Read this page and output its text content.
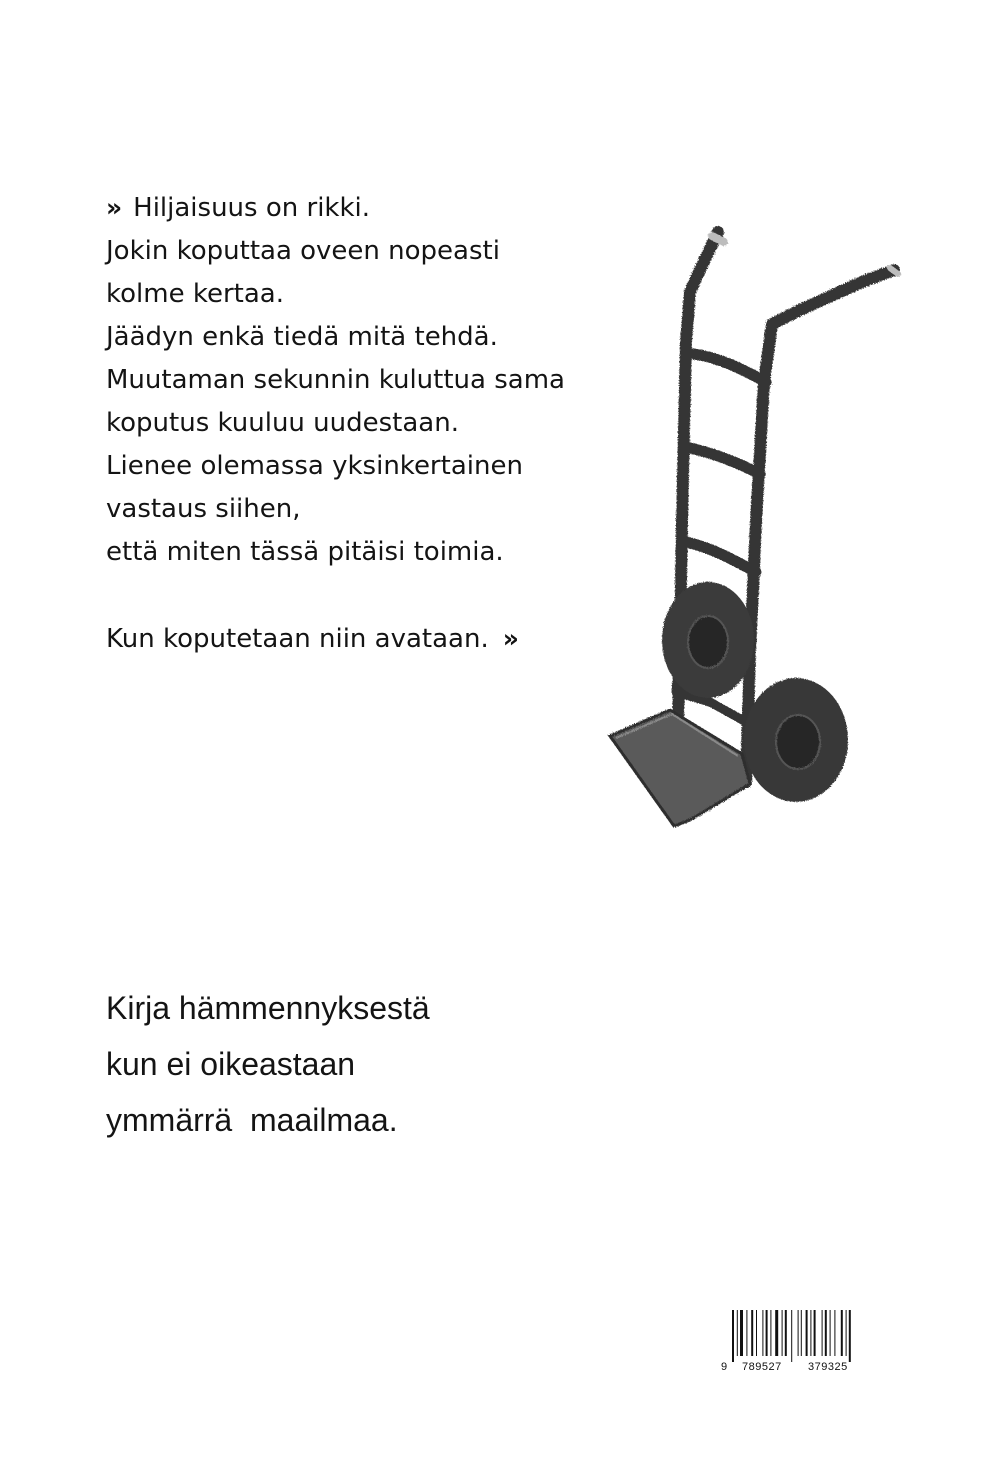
» Hiljaisuus on rikki.
Jokin koputtaa oveen nopeasti
kolme kertaa.
Jäädyn enkä tiedä mitä tehdä.
Muutaman sekunnin kuluttua sama
koputus kuuluu uudestaan.
Lienee olemassa yksinkertainen
vastaus siihen,
että miten tässä pitäisi toimia.
Kun koputetaan niin avataan. »
Kirja hämmennyksestä
kun ei oikeastaan
ymmärrä  maailmaa.
9 789527 379325
